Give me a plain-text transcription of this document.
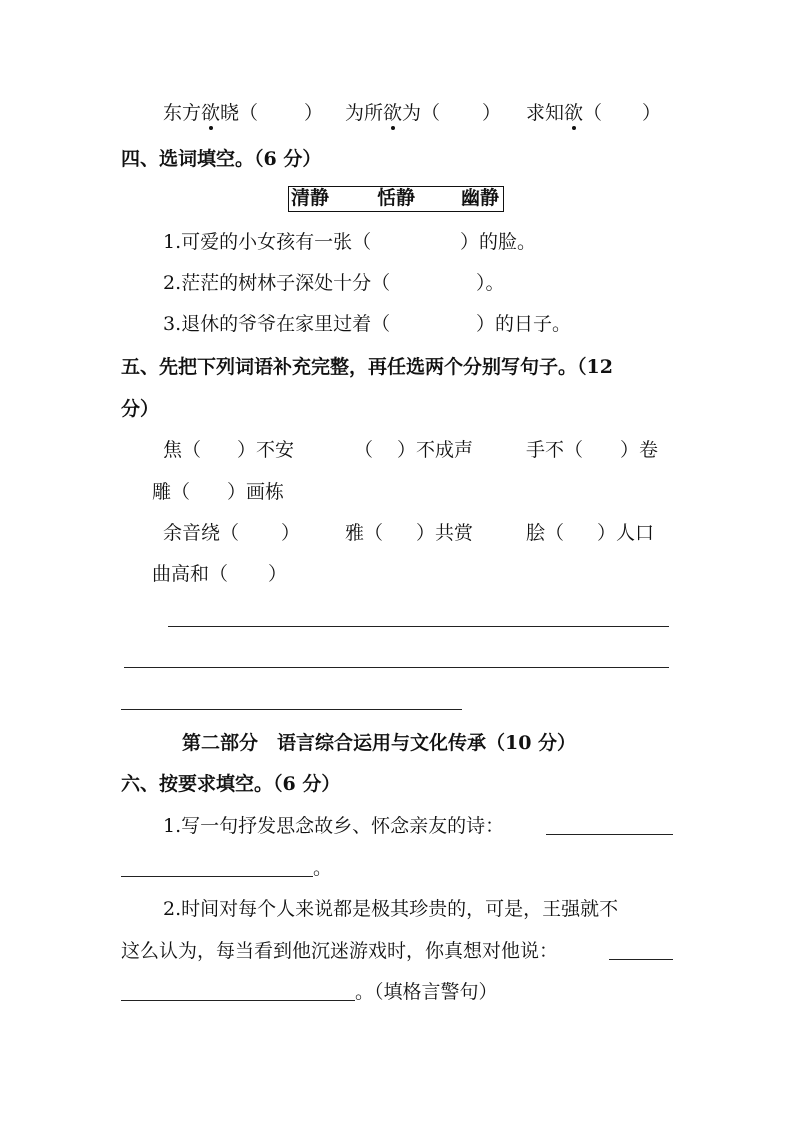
东方欲晓（ ） 为所欲为（ ） 求知欲（ ）
四、选词填空。（6 分）
清静	恬静 幽静
1.可爱的小女孩有一张（	）的脸。
2.茫茫的树林子深处十分（	）。
3.退休的爷爷在家里过着（	）的日子。
五、先把下列词语补充完整，再任选两个分别写句子。（12
分）
焦（ ）不安	（ ）不成声	手不（ ）卷
雕（ ）画栋
余音绕（ ） 雅（ ）共赏	脍（ ）人口
曲高和（ ）
第二部分　语言综合运用与文化传承（10 分）
六、按要求填空。（6 分）
1.写一句抒发思念故乡、怀念亲友的诗：
。
2.时间对每个人来说都是极其珍贵的，可是，王强就不
这么认为，每当看到他沉迷游戏时，你真想对他说：
。（填格言警句）
